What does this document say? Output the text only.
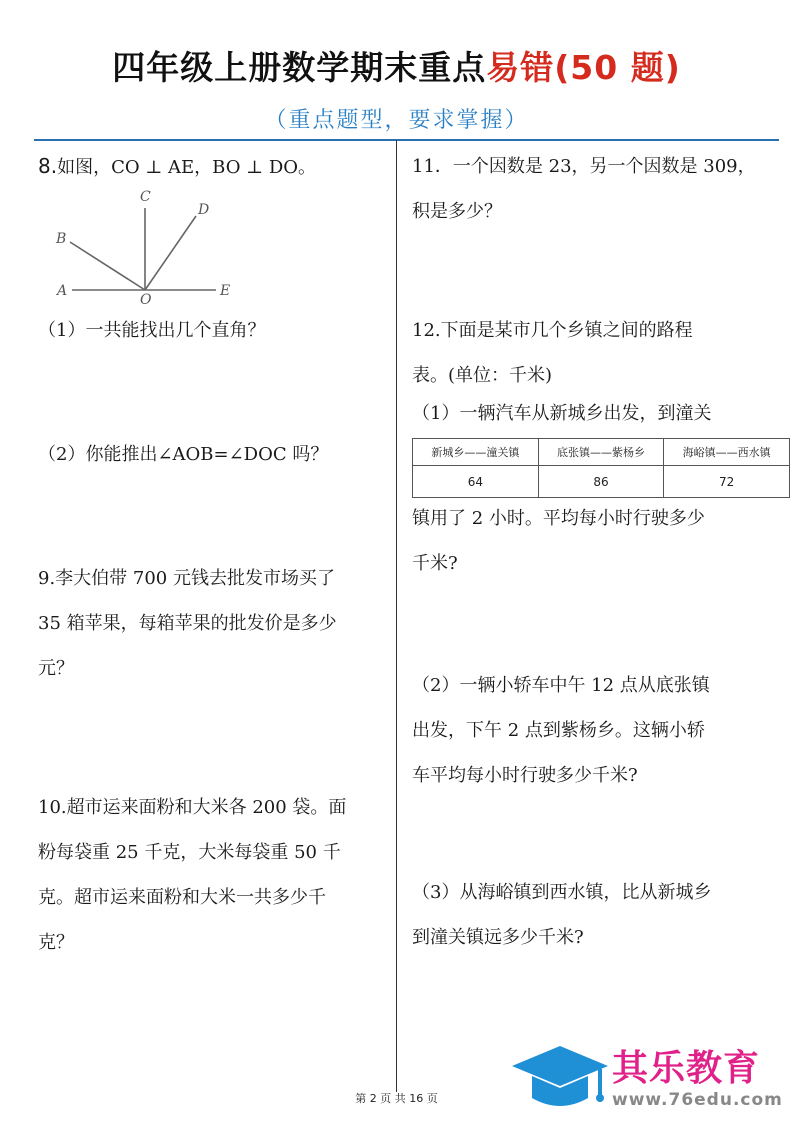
四年级上册数学期末重点易错(50 题)
（重点题型，要求掌握）
8.如图，CO ⊥ AE，BO ⊥ DO。
A
B
C
D
E
O
（1）一共能找出几个直角？
（2）你能推出∠AOB=∠DOC 吗？
9.李大伯带 700 元钱去批发市场买了
35 箱苹果，每箱苹果的批发价是多少
元？
10.超市运来面粉和大米各 200 袋。面
粉每袋重 25 千克，大米每袋重 50 千
克。超市运来面粉和大米一共多少千
克？
11．一个因数是 23，另一个因数是 309，
积是多少？
12.下面是某市几个乡镇之间的路程
表。(单位：千米)
（1）一辆汽车从新城乡出发，到潼关
新城乡——潼关镇	底张镇——紫杨乡	海峪镇——西水镇
64	86	72
镇用了 2 小时。平均每小时行驶多少
千米?
（2）一辆小轿车中午 12 点从底张镇
出发，下午 2 点到紫杨乡。这辆小轿
车平均每小时行驶多少千米?
（3）从海峪镇到西水镇，比从新城乡
到潼关镇远多少千米?
第 2 页 共 16 页
其乐教育
www.76edu.com
